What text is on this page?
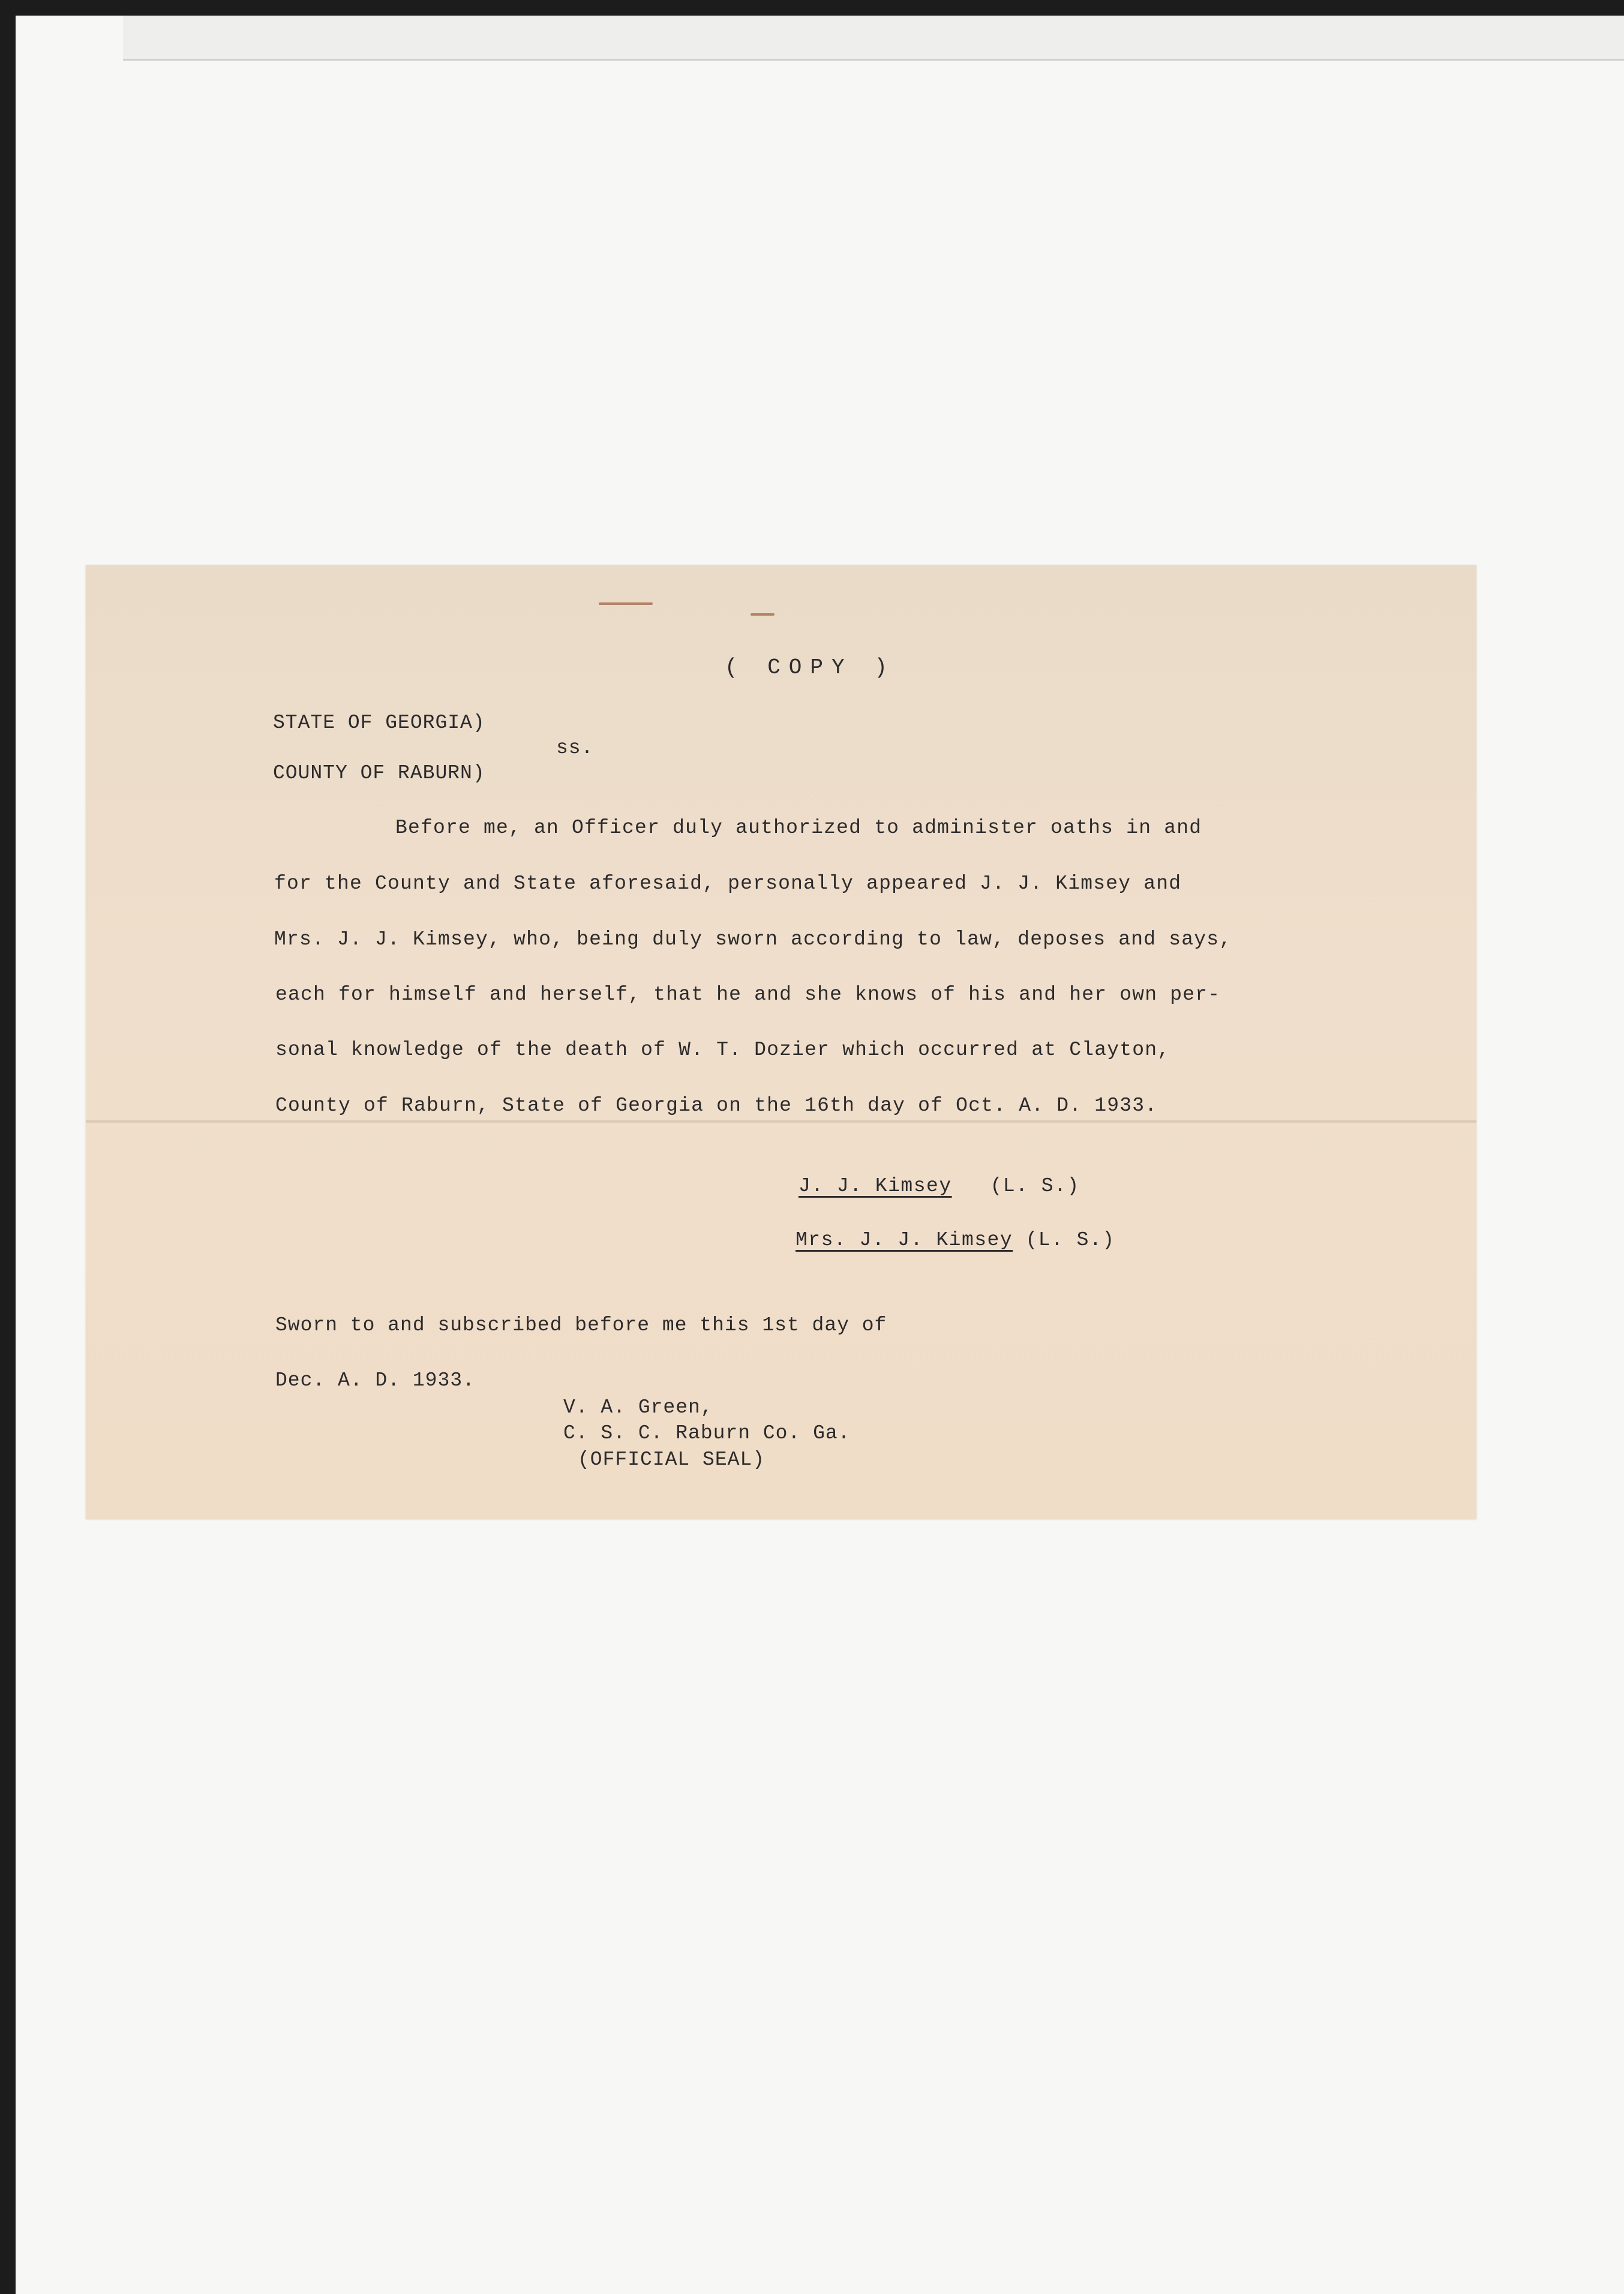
( COPY )
STATE OF GEORGIA)
ss.
COUNTY OF RABURN)
Before me, an Officer duly authorized to administer oaths in and
for the County and State aforesaid, personally appeared J. J. Kimsey and
Mrs. J. J. Kimsey, who, being duly sworn according to law, deposes and says,
each for himself and herself, that he and she knows of his and her own per-
sonal knowledge of the death of W. T. Dozier which occurred at Clayton,
County of Raburn, State of Georgia on the 16th day of Oct. A. D. 1933.
J. J. Kimsey (L. S.)
Mrs. J. J. Kimsey (L. S.)
Sworn to and subscribed before me this 1st day of
Dec. A. D. 1933.
V. A. Green,
C. S. C. Raburn Co. Ga.
(OFFICIAL SEAL)
